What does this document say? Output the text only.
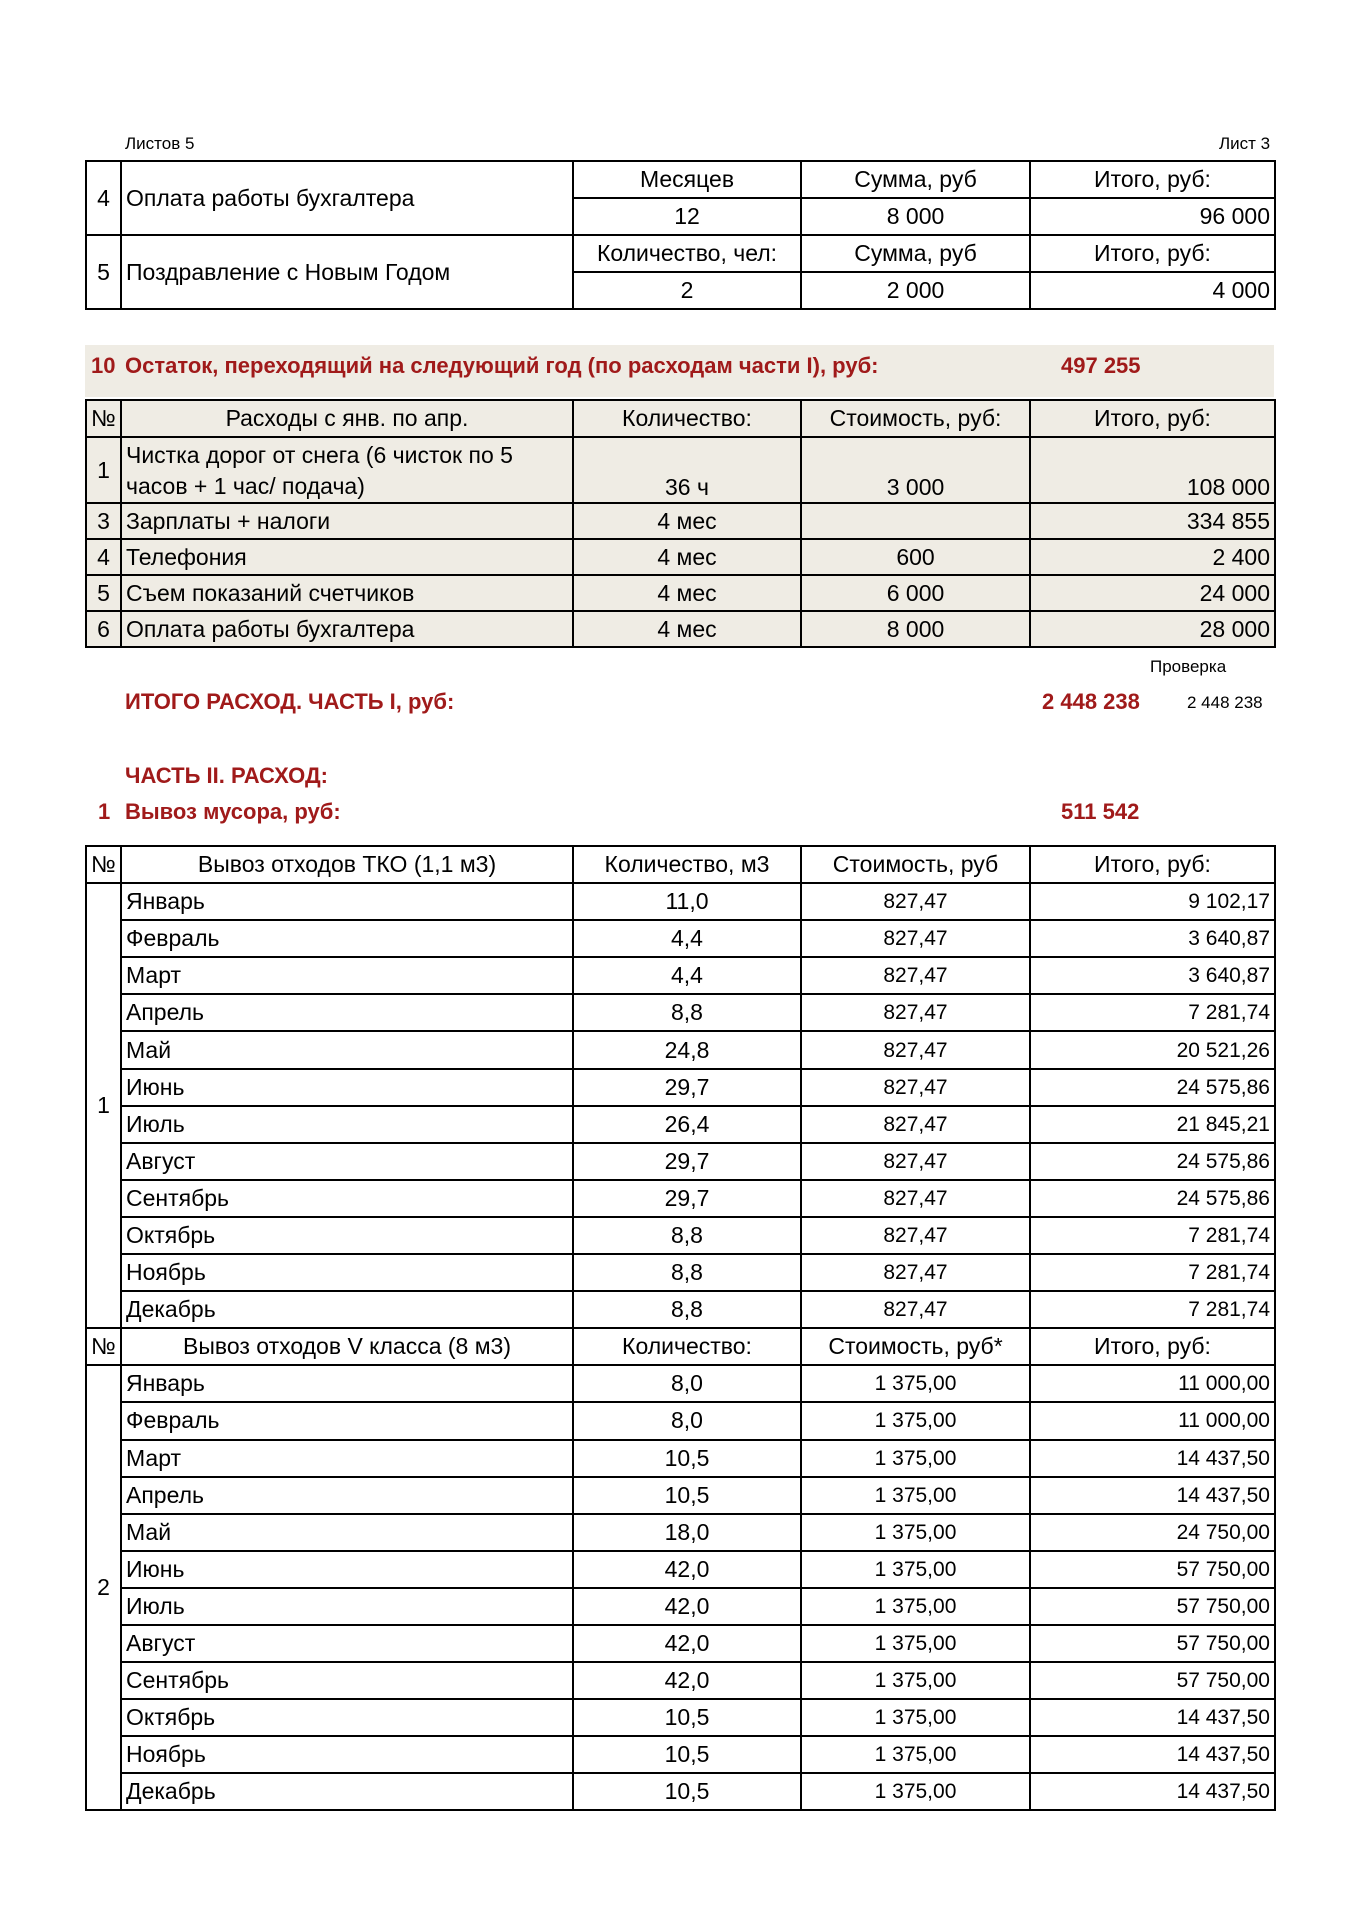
Листов 5	Лист 3
4	Оплата работы бухгалтера	Месяцев	Сумма, руб	Итого, руб:
		12	8 000	96 000
5	Поздравление с Новым Годом	Количество, чел:	Сумма, руб	Итого, руб:
		2	2 000	4 000
10 Остаток, переходящий на следующий год (по расходам части I), руб:	497 255
№	Расходы с янв. по апр.	Количество:	Стоимость, руб:	Итого, руб:
1	Чистка дорог от снега (6 чисток по 5
часов + 1 час/ подача)	36 ч	3 000	108 000
3	Зарплаты + налоги	4 мес		334 855
4	Телефония	4 мес	600	2 400
5	Съем показаний счетчиков	4 мес	6 000	24 000
6	Оплата работы бухгалтера	4 мес	8 000	28 000
Проверка
ИТОГО РАСХОД. ЧАСТЬ I, руб:	2 448 238	2 448 238
ЧАСТЬ II. РАСХОД:
1 Вывоз мусора, руб:	511 542
№	Вывоз отходов ТКО (1,1 м3)	Количество, м3	Стоимость, руб	Итого, руб:
1	Январь	11,0	827,47	9 102,17
	Февраль	4,4	827,47	3 640,87
	Март	4,4	827,47	3 640,87
	Апрель	8,8	827,47	7 281,74
	Май	24,8	827,47	20 521,26
	Июнь	29,7	827,47	24 575,86
	Июль	26,4	827,47	21 845,21
	Август	29,7	827,47	24 575,86
	Сентябрь	29,7	827,47	24 575,86
	Октябрь	8,8	827,47	7 281,74
	Ноябрь	8,8	827,47	7 281,74
	Декабрь	8,8	827,47	7 281,74
№	Вывоз отходов V класса (8 м3)	Количество:	Стоимость, руб*	Итого, руб:
2	Январь	8,0	1 375,00	11 000,00
	Февраль	8,0	1 375,00	11 000,00
	Март	10,5	1 375,00	14 437,50
	Апрель	10,5	1 375,00	14 437,50
	Май	18,0	1 375,00	24 750,00
	Июнь	42,0	1 375,00	57 750,00
	Июль	42,0	1 375,00	57 750,00
	Август	42,0	1 375,00	57 750,00
	Сентябрь	42,0	1 375,00	57 750,00
	Октябрь	10,5	1 375,00	14 437,50
	Ноябрь	10,5	1 375,00	14 437,50
	Декабрь	10,5	1 375,00	14 437,50
